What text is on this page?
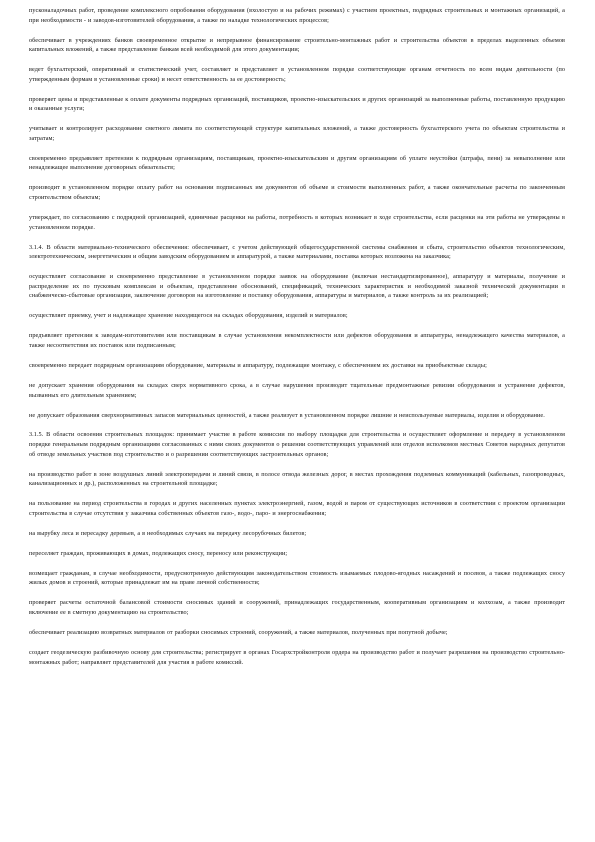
пусконаладочных работ, проведение комплексного опробования оборудования (вхолостую и на рабочих режимах) с участием проектных, подрядных строительных и монтажных организаций, а при необходимости - и заводов-изготовителей оборудования, а также по наладке технологических процессов;

обеспечивает в учреждениях банков своевременное открытие и непрерывное финансирование строительно-монтажных работ и строительства объектов в пределах выделенных объемов капитальных вложений, а также представление банкам всей необходимой для этого документации;

ведет бухгалтерский, оперативный и статистический учет, составляет и представляет в установленном порядке соответствующие органам отчетность по всем видам деятельности (по утвержденным формам в установленные сроки) и несет ответственность за ее достоверность;

проверяет цены и представленные к оплате документы подрядных организаций, поставщиков, проектно-изыскательских и других организаций за выполненные работы, поставленную продукцию и оказанные услуги;

учитывает и контролирует расходование сметного лимита по соответствующей структуре капитальных вложений, а также достоверность бухгалтерского учета по объектам строительства и затратам;

своевременно предъявляет претензии к подрядным организациям, поставщикам, проектно-изыскательским и другим организациям об уплате неустойки (штрафа, пени) за невыполнение или ненадлежащее выполнение договорных обязательств;

производит в установленном порядке оплату работ на основании подписанных им документов об объеме и стоимости выполненных работ, а также окончательные расчеты по законченным строительством объектам;

утверждает, по согласованию с подрядной организацией, единичные расценки на работы, потребность в которых возникает в ходе строительства, если расценки на эти работы не утверждены в установленном порядке.

3.1.4. В области материально-технического обеспечения: обеспечивает, с учетом действующей общегосударственной системы снабжения и сбыта, строительство объектов технологическим, электротехническим, энергетическим и общим заводским оборудованием и аппаратурой, а также материалами, поставка которых возложена на заказчика;

осуществляет согласование и своевременно представление в установленном порядке заявок на оборудование (включая нестандартизированное), аппаратуру и материалы, получение и распределение их по пусковым комплексам и объектам, представление обоснований, спецификаций, технических характеристик и необходимой заказной технической документации в снабженческо-сбытовые организации, заключение договоров на изготовление и поставку оборудования, аппаратуры и материалов, а также контроль за их реализацией;

осуществляет приемку, учет и надлежащее хранение находящегося на складах оборудования, изделий и материалов;

предъявляет претензии к заводам-изготовителям или поставщикам в случае установления некомплектности или дефектов оборудования и аппаратуры, ненадлежащего качества материалов, а также несоответствия их поставок или подписанным;

своевременно передает подрядным организациям оборудование, материалы и аппаратуру, подлежащие монтажу, с обеспечением их доставки на приобъектные склады;

не допускает хранения оборудования на складах сверх нормативного срока, а в случае нарушения производит тщательные предмонтажные ревизии оборудования и устранение дефектов, вызванных его длительным хранением;

не допускает образования сверхнормативных запасов материальных ценностей, а также реализует в установленном порядке лишние и неиспользуемые материалы, изделия и оборудование.

3.1.5. В области освоения строительных площадок: принимает участие в работе комиссии по выбору площадки для строительства и осуществляет оформление и передачу в установленном порядке генеральным подрядным организациям согласованных с ними своих документов о решении соответствующих управлений или отделов исполкомов местных Советов народных депутатов об отводе земельных участков под строительство и о разрешении соответствующих застроительных органов;

на производство работ в зоне воздушных линий электропередачи и линий связи, в полосе отвода железных дорог, в местах прохождения подземных коммуникаций (кабельных, газопроводных, канализационных и др.), расположенных на строительной площадке;

на пользование на период строительства в городах и других населенных пунктах электроэнергией, газом, водой и паром от существующих источников в соответствии с проектом организации строительства в случае отсутствия у заказчика собственных объектов газо-, водо-, паро- и энергоснабжения;

на вырубку леса и пересадку деревьев, а в необходимых случаях на передачу лесорубочных билетов;

переселяет граждан, проживающих в домах, подлежащих сносу, переносу или реконструкции;

возмещает гражданам, в случае необходимости, предусмотренную действующим законодательством стоимость изымаемых плодово-ягодных насаждений и посевов, а также подлежащих сносу жилых домов и строений, которые принадлежат им на праве личной собственности;

проверяет расчеты остаточной балансовой стоимости сносимых зданий и сооружений, принадлежащих государственным, кооперативным организациям и колхозам, а также производит включение ее в сметную документацию на строительство;

обеспечивает реализацию возвратных материалов от разборки сносимых строений, сооружений, а также материалов, полученных при попутной добыче;

создает геодезическую разбивочную основу для строительства; регистрирует в органах Госархстройконтроля ордера на производство работ и получает разрешения на производство строительно-монтажных работ; направляет представителей для участия в работе комиссий.
